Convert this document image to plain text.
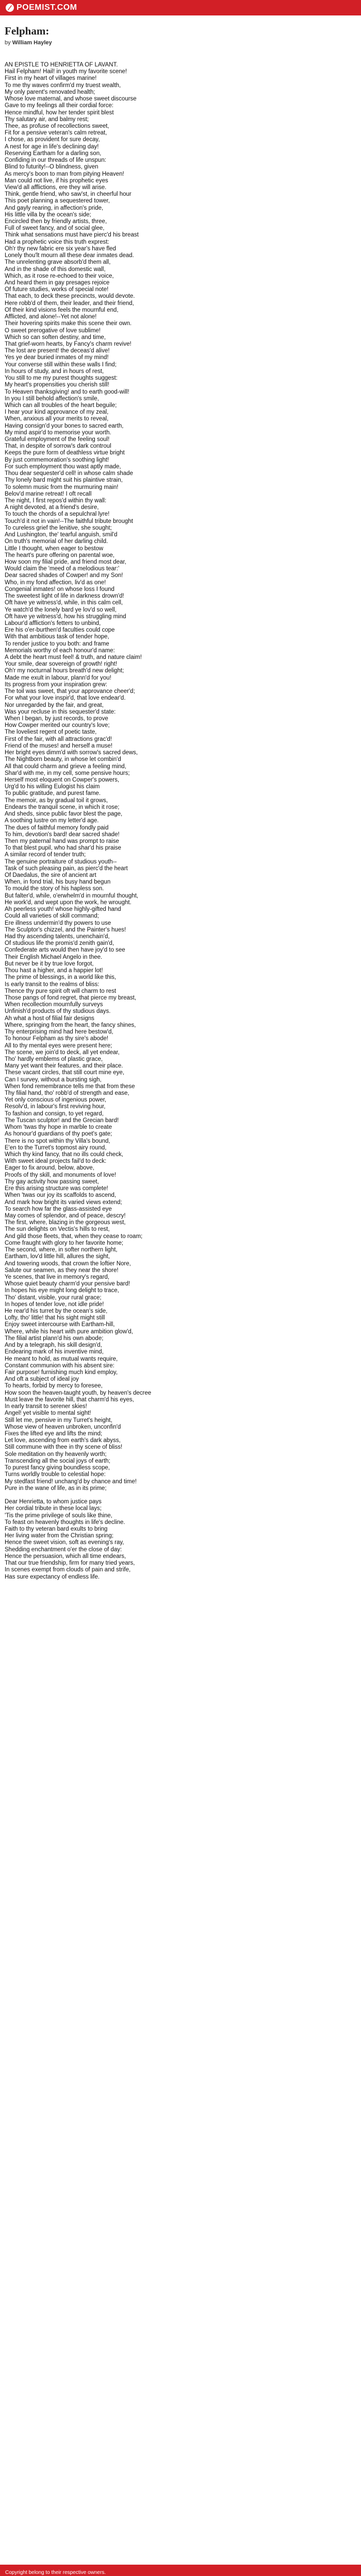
POEMIST.COM
Felpham:
by William Hayley
AN EPISTLE TO HENRIETTA OF LAVANT.
Hail Felpham! Hail! in youth my favorite scene!
First in my heart of villages marine!
To me thy waves confirm'd my truest wealth,
My only parent's renovated health;
Whose love maternal, and whose sweet discourse
Gave to my feelings all their cordial force:
Hence mindful, how her tender spirit blest
Thy salutary air, and balmy rest;
Thee, as profuse of recollections sweet,
Fit for a pensive veteran's calm retreat,
I chose, as provident for sure decay,
A nest for age in life's declining day!
Reserving Eartham for a darling son,
Confiding in our threads of life unspun:
Blind to futurity!--O blindness, given
As mercy's boon to man from pitying Heaven!
Man could not live, if his prophetic eyes
View'd all afflictions, ere they will arise.
Think, gentle friend, who saw'st, in cheerful hour
This poet planning a sequestered tower,
And gayly rearing, in affection's pride,
His little villa by the ocean's side;
Encircled then by friendly artists, three,
Full of sweet fancy, and of social glee,
Think what sensations must have pierc'd his breast
Had a prophetic voice this truth exprest:
Oh'r thy new fabric ere six year's have fled
Lonely thou'lt mourn all these dear inmates dead.
The unrelenting grave absorb'd them all,
And in the shade of this domestic wall,
Which, as it rose re-echoed to their voice,
And heard them in gay presages rejoice
Of future studies, works of special note!
That each, to deck these precincts, would devote.
Here robb'd of them, their leader, and their friend,
Of their kind visions feels the mournful end,
Afflicted, and alone!--Yet not alone!
Their hovering spirits make this scene their own.
O sweet prerogative of love sublime!
Which so can soften destiny, and time,
That grief-worn hearts, by Fancy's charm revive!
The lost are present! the deceas'd alive!
Yes ye dear buried inmates of my mind!
Your converse still within these walls I find;
In hours of study, and in hours of rest,
You still to me my purest thoughts suggest:
My heart's propensities you cherish still!
To Heaven thanksgiving! and to earth good-will!
In you I still behold affection's smile,
Which can all troubles of the heart beguile;
I hear your kind approvance of my zeal,
When, anxious all your merits to reveal,
Having consign'd your bones to sacred earth,
My mind aspir'd to memorise your worth.
Grateful employment of the feeling soul!
That, in despite of sorrow's dark controul
Keeps the pure form of deathless virtue bright
By just commemoration's soothing light!
For such employment thou wast aptly made,
Thou dear sequester'd cell! in whose calm shade
Thy lonely bard might suit his plaintive strain,
To solemn music from the murmuring main!
Belov'd marine retreat! I oft recall
The night, I first repos'd within thy wall:
A night devoted, at a friend's desire,
To touch the chords of a sepulchral lyre!
Touch'd it not in vain!--The faithful tribute brought
To cureless grief the lenitive, she sought;
And Lushington, the' tearful anguish, smil'd
On truth's memorial of her darling child.
Little I thought, when eager to bestow
The heart's pure offering on parental woe,
How soon my filial pride, and friend most dear,
Would claim the 'meed of a melodious tear:'
Dear sacred shades of Cowper! and my Son!
Who, in my fond affection, liv'd as one!
Congenial inmates! on whose loss I found
The sweetest light of life in darkness drown'd!
Oft have ye witness'd, while, in this calm cell,
Ye watch'd the lonely bard ye lov'd so well,
Oft have ye witness'd, how his struggling mind
Labour'd affliction's fetters to unbind,
Ere his o'er-burthen'd faculties could cope
With that ambitious task of tender hope,
To render justice to you both: and frame
Memorials worthy of each honour'd name:
A debt the heart must feel! & truth, and nature claim!
Your smile, dear sovereign of growth! right!
Oh'r my nocturnal hours breath'd new delight;
Made me exult in labour, plann'd for you!
Its progress from your inspiration grew:
The toil was sweet, that your approvance cheer'd;
For what your love inspir'd, that love endear'd.
Nor unregarded by the fair, and great,
Was your recluse in this sequester'd state:
When I began, by just records, to prove
How Cowper merited our country's love;
The loveliest regent of poetic taste,
First of the fair, with all attractions grac'd!
Friend of the muses! and herself a muse!
Her bright eyes dimm'd with sorrow's sacred dews,
The Nightborn beauty, in whose let combin'd
All that could charm and grieve a feeling mind,
Shar'd with me, in my cell, some pensive hours;
Herself most eloquent on Cowper's powers,
Urg'd to his willing Eulogist his claim
To public gratitude, and purest fame.
The memoir, as by gradual toil it grows,
Endears the tranquil scene, in which it rose;
And sheds, since public favor blest the page,
A soothing lustre on my letter'd age.
The dues of faithful memory fondly paid
To him, devotion's bard! dear sacred shade!
Then my paternal hand was prompt to raise
To that blest pupil, who had shar'd his praise
A similar record of tender truth;
The genuine portraiture of studious youth--
Task of such pleasing pain, as pierc'd the heart
Of Daedalus, the sire of ancient art
When, in fond trial, his busy hand begun
To mould the story of his hapless son.
But falter'd, while, o'erwhelm'd in mournful thought,
He work'd, and wept upon the work, he wrought.
Ah peerless youth! whose highly-gifted hand
Could all varieties of skill command;
Ere illness undermin'd thy powers to use
The Sculptor's chizzel, and the Painter's hues!
Had thy ascending talents, unenchain'd,
Of studious life the promis'd zenith gain'd,
Confederate arts would then have joy'd to see
Their English Michael Angelo in thee.
But never be it by true love forgot,
Thou hast a higher, and a happier lot!
The prime of blessings, in a world like this,
Is early transit to the realms of bliss:
Thence thy pure spirit oft will charm to rest
Those pangs of fond regret, that pierce my breast,
When recollection mournfully surveys
Unfinish'd products of thy studious days.
Ah what a host of filial fair designs
Where, springing from the heart, the fancy shines,
Thy enterprising mind had here bestow'd,
To honour Felpham as thy sire's abode!
All to thy mental eyes were present here;
The scene, we join'd to deck, all yet endear,
Tho' hardly emblems of plastic grace,
Many yet want their features, and their place.
These vacant circles, that still court mine eye,
Can I survey, without a bursting sigh,
When fond remembrance tells me that from these
Thy filial hand, tho' robb'd of strength and ease,
Yet only conscious of ingenious power,
Resolv'd, in labour's first reviving hour,
To fashion and consign, to yet regard,
The Tuscan sculptor! and the Grecian bard!
Whom 'twas thy hope in marble to create
As honour'd guardians of thy poet's gate;
There is no spot within thy Villa's bound,
E'en to the Turret's topmost airy round,
Which thy kind fancy, that no ills could check,
With sweet ideal projects fail'd to deck:
Eager to fix around, below, above,
Proofs of thy skill, and monuments of love!
Thy gay activity how passing sweet,
Ere this arising structure was complete!
When 'twas our joy its scaffolds to ascend,
And mark how bright its varied views extend;
To search how far the glass-assisted eye
May comes of splendor, and of peace, descry!
The first, where, blazing in the gorgeous west,
The sun delights on Vectis's hills to rest,
And gild those fleets, that, when they cease to roam;
Come fraught with glory to her favorite home;
The second, where, in softer northern light,
Eartham, lov'd little hill, allures the sight,
And towering woods, that crown the loftier Nore,
Salute our seamen, as they near the shore!
Ye scenes, that live in memory's regard,
Whose quiet beauty charm'd your pensive bard!
In hopes his eye might long delight to trace,
Tho' distant, visible, your rural grace;
In hopes of tender love, not idle pride!
He rear'd his turret by the ocean's side,
Lofty, tho' little! that his sight might still
Enjoy sweet intercourse with Eartham-hill,
Where, while his heart with pure ambition glow'd,
The filial artist plann'd his own abode;
And by a telegraph, his skill design'd,
Endearing mark of his inventive mind,
He meant to hold, as mutual wants require,
Constant communion with his absent sire:
Fair purpose! furnishing much kind employ,
And oft a subject of ideal joy
To hearts, forbid by mercy to foresee,
How soon the heaven-taught youth, by heaven's decree
Must leave the favorite hill, that charm'd his eyes,
In early transit to serener skies!
Angel! yet visible to mental sight!
Still let me, pensive in my Turret's height,
Whose view of heaven unbroken, unconfin'd
Fixes the lifted eye and lifts the mind;
Let love, ascending from earth's dark abyss,
Still commune with thee in thy scene of bliss!
Sole meditation on thy heavenly worth;
Transcending all the social joys of earth;
To purest fancy giving boundless scope,
Turns worldly trouble to celestial hope:
My stedfast friend! unchang'd by chance and time!
Pure in the wane of life, as in its prime;
Dear Henrietta, to whom justice pays
Her cordial tribute in these local lays;
'Tis the prime privilege of souls like thine,
To feast on heavenly thoughts in life's decline.
Faith to thy veteran bard exults to bring
Her living water from the Christian spring;
Hence the sweet vision, soft as evening's ray,
Shedding enchantment o'er the close of day:
Hence the persuasion, which all time endears,
That our true friendship, firm for many tried years,
In scenes exempt from clouds of pain and strife,
Has sure expectancy of endless life.
Copyright belong to their respective owners.
